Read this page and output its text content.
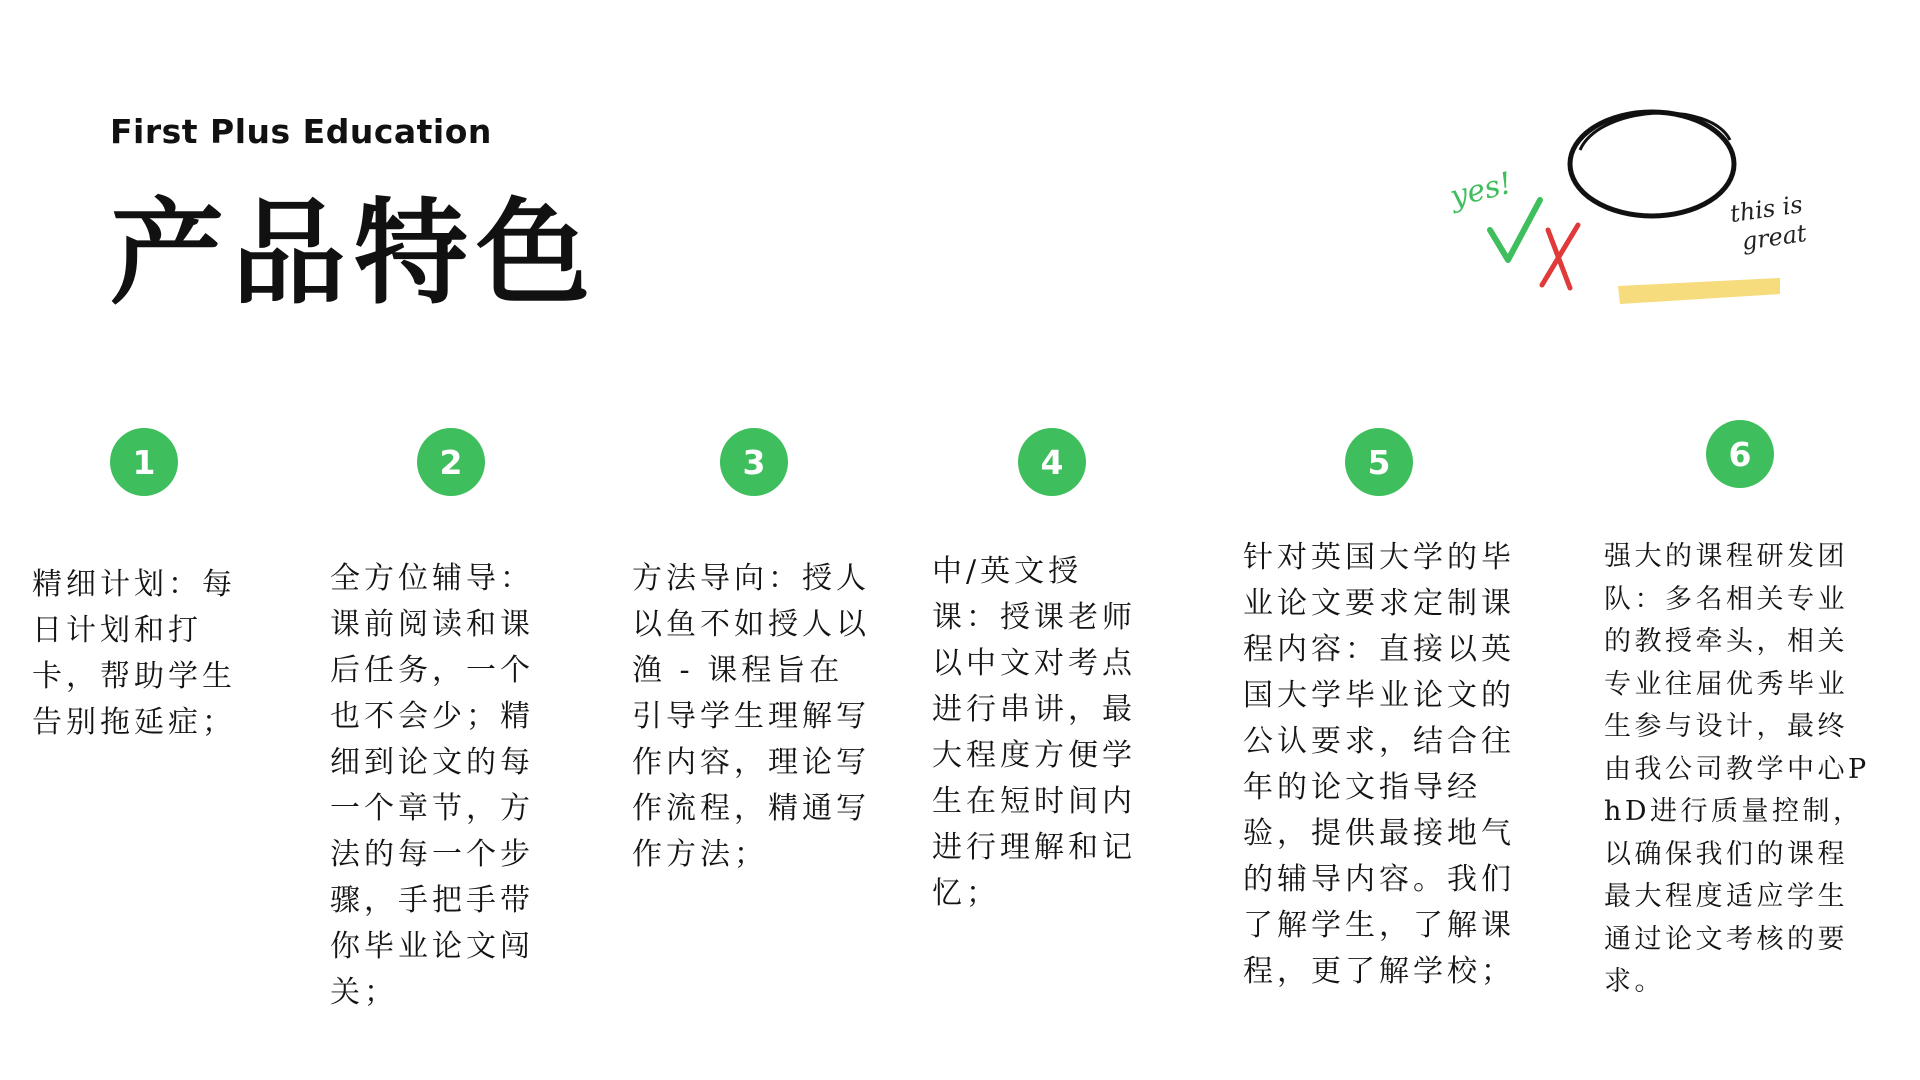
First Plus Education
产品特色	yes!	this is
great
1	2	3	4	5	6
精细计划：每日计划和打卡，帮助学生告别拖延症；
全方位辅导：课前阅读和课后任务，一个也不会少；精细到论文的每一个章节，方法的每一个步骤，手把手带你毕业论文闯关；
方法导向：授人以鱼不如授人以渔 - 课程旨在引导学生理解写作内容，理论写作流程，精通写作方法；
中/英文授课：授课老师以中文对考点进行串讲，最大程度方便学生在短时间内进行理解和记忆；
针对英国大学的毕业论文要求定制课程内容：直接以英国大学毕业论文的公认要求，结合往年的论文指导经验，提供最接地气的辅导内容。我们了解学生，了解课程，更了解学校；
强大的课程研发团队：多名相关专业的教授牵头，相关专业往届优秀毕业生参与设计，最终由我公司教学中心PhD进行质量控制，以确保我们的课程最大程度适应学生通过论文考核的要求。
